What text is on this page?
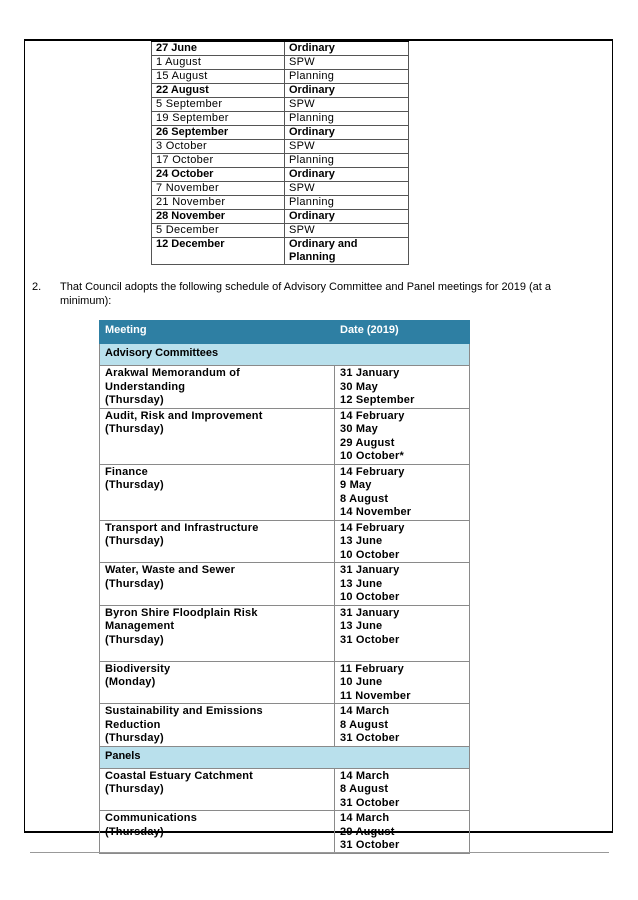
27 June	Ordinary
1 August	SPW
15 August	Planning
22 August	Ordinary
5 September	SPW
19 September	Planning
26 September	Ordinary
3 October	SPW
17 October	Planning
24 October	Ordinary
7 November	SPW
21 November	Planning
28 November	Ordinary
5 December	SPW
12 December	Ordinary and Planning
2. That Council adopts the following schedule of Advisory Committee and Panel meetings for 2019 (at a minimum):
Meeting	Date (2019)
Advisory Committees	

Arakwal Memorandum of
Understanding
(Thursday)	31 January
30 May
12 September

Audit, Risk and Improvement
(Thursday)	14 February
30 May
29 August
10 October*

Finance
(Thursday)	14 February
9 May
8 August
14 November

Transport and Infrastructure
(Thursday)	14 February
13 June
10 October

Water, Waste and Sewer
(Thursday)	31 January
13 June
10 October

Byron Shire Floodplain Risk
Management
(Thursday)	31 January
13 June
31 October

Biodiversity
(Monday)	11 February
10 June
11 November

Sustainability and Emissions
Reduction
(Thursday)	14 March
8 August
31 October

Panels	

Coastal Estuary Catchment
(Thursday)	14 March
8 August
31 October

Communications
(Thursday)	14 March
29 August
31 October
